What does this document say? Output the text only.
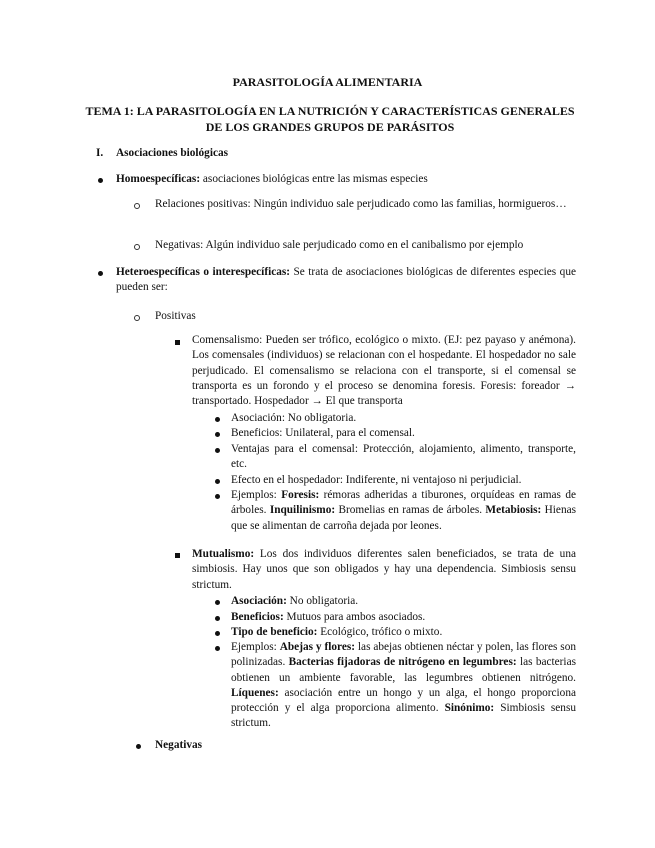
PARASITOLOGÍA ALIMENTARIA
TEMA 1: LA PARASITOLOGÍA EN LA NUTRICIÓN Y CARACTERÍSTICAS GENERALES DE LOS GRANDES GRUPOS DE PARÁSITOS
I. Asociaciones biológicas
Homoespecíficas: asociaciones biológicas entre las mismas especies
Relaciones positivas: Ningún individuo sale perjudicado como las familias, hormigueros…
Negativas: Algún individuo sale perjudicado como en el canibalismo por ejemplo
Heteroespecíficas o interespecíficas: Se trata de asociaciones biológicas de diferentes especies que pueden ser:
Positivas
Comensalismo: Pueden ser trófico, ecológico o mixto. (EJ: pez payaso y anémona). Los comensales (individuos) se relacionan con el hospedante. El hospedador no sale perjudicado. El comensalismo se relaciona con el transporte, si el comensal se transporta es un forondo y el proceso se denomina foresis. Foresis: foreador → transportado. Hospedador → El que transporta
Asociación: No obligatoria.
Beneficios: Unilateral, para el comensal.
Ventajas para el comensal: Protección, alojamiento, alimento, transporte, etc.
Efecto en el hospedador: Indiferente, ni ventajoso ni perjudicial.
Ejemplos: Foresis: rémoras adheridas a tiburones, orquídeas en ramas de árboles. Inquilinismo: Bromelias en ramas de árboles. Metabiosis: Hienas que se alimentan de carroña dejada por leones.
Mutualismo: Los dos individuos diferentes salen beneficiados, se trata de una simbiosis. Hay unos que son obligados y hay una dependencia. Simbiosis sensu strictum.
Asociación: No obligatoria.
Beneficios: Mutuos para ambos asociados.
Tipo de beneficio: Ecológico, trófico o mixto.
Ejemplos: Abejas y flores: las abejas obtienen néctar y polen, las flores son polinizadas. Bacterias fijadoras de nitrógeno en legumbres: las bacterias obtienen un ambiente favorable, las legumbres obtienen nitrógeno. Líquenes: asociación entre un hongo y un alga, el hongo proporciona protección y el alga proporciona alimento. Sinónimo: Simbiosis sensu strictum.
Negativas
